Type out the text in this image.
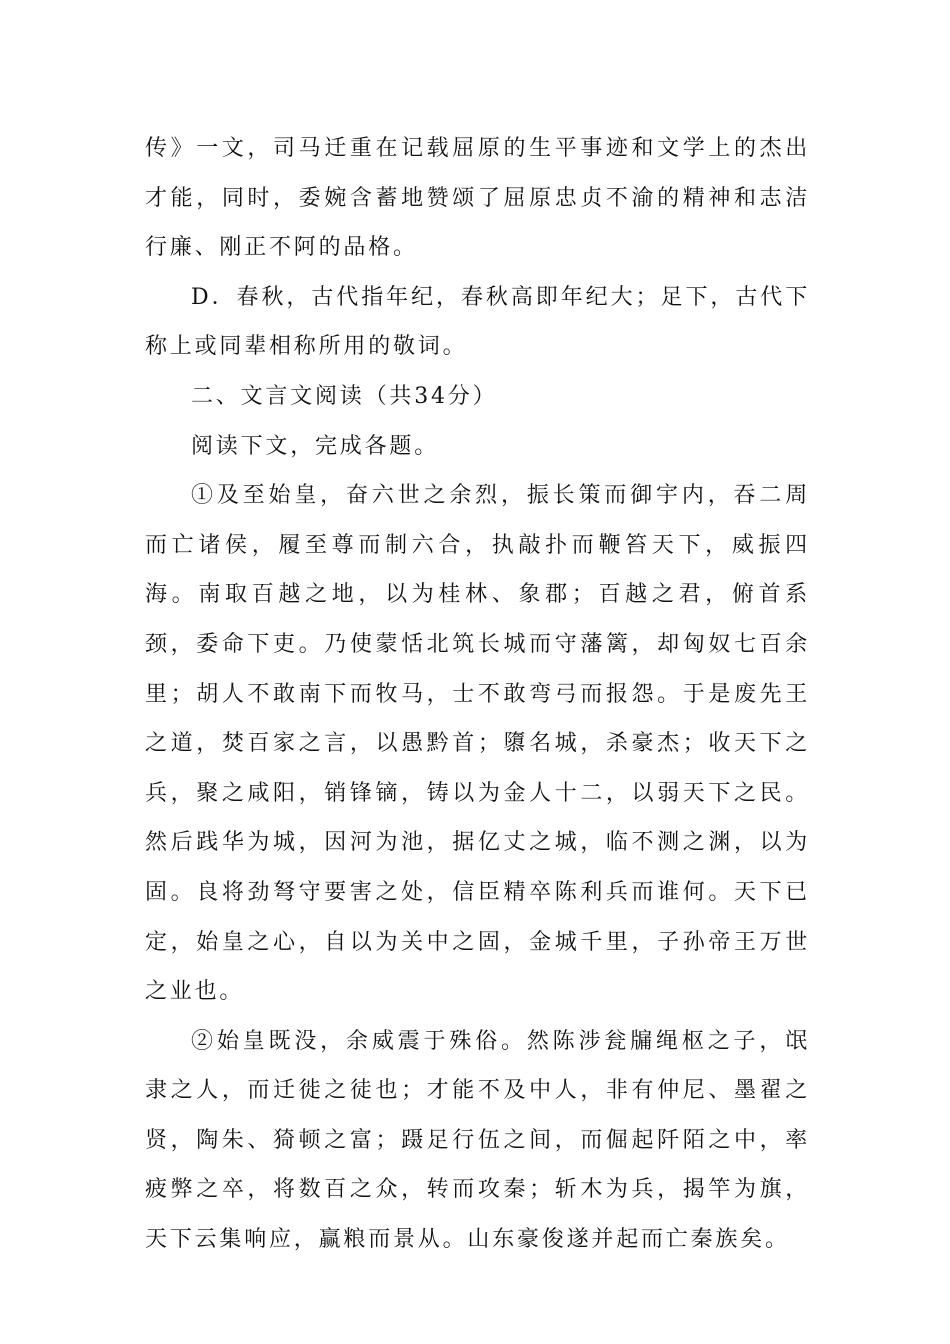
传》一文，司马迁重在记载屈原的生平事迹和文学上的杰出才能，同时，委婉含蓄地赞颂了屈原忠贞不渝的精神和志洁行廉、刚正不阿的品格。

D．春秋，古代指年纪，春秋高即年纪大；足下，古代下称上或同辈相称所用的敬词。

二、文言文阅读（共34分）

阅读下文，完成各题。

①及至始皇，奋六世之余烈，振长策而御宇内，吞二周而亡诸侯，履至尊而制六合，执敲扑而鞭笞天下，威振四海。南取百越之地，以为桂林、象郡；百越之君，俯首系颈，委命下吏。乃使蒙恬北筑长城而守藩篱，却匈奴七百余里；胡人不敢南下而牧马，士不敢弯弓而报怨。于是废先王之道，焚百家之言，以愚黔首；隳名城，杀豪杰；收天下之兵，聚之咸阳，销锋镝，铸以为金人十二，以弱天下之民。然后践华为城，因河为池，据亿丈之城，临不测之渊，以为固。良将劲弩守要害之处，信臣精卒陈利兵而谁何。天下已定，始皇之心，自以为关中之固，金城千里，子孙帝王万世之业也。

②始皇既没，余威震于殊俗。然陈涉瓮牖绳枢之子，氓隶之人，而迁徙之徒也；才能不及中人，非有仲尼、墨翟之贤，陶朱、猗顿之富；蹑足行伍之间，而倔起阡陌之中，率疲弊之卒，将数百之众，转而攻秦；斩木为兵，揭竿为旗，天下云集响应，赢粮而景从。山东豪俊遂并起而亡秦族矣。
